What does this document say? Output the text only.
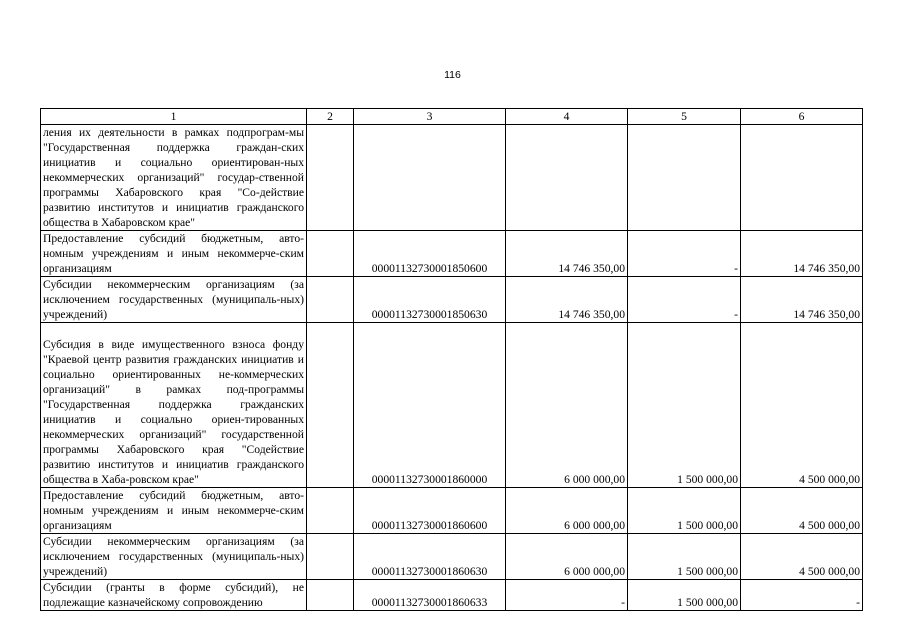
116
1	2	3	4	5	6
ления их деятельности в рамках подпрограм-мы "Государственная поддержка граждан-ских инициатив и социально ориентирован-ных некоммерческих организаций" государ-ственной программы Хабаровского края "Со-действие развитию институтов и инициатив гражданского общества в Хабаровском крае"					
Предоставление субсидий бюджетным, авто-номным учреждениям и иным некоммерче-ским организациям		00001132730001850600	14 746 350,00	-	14 746 350,00
Субсидии некоммерческим организациям (за исключением государственных (муниципаль-ных) учреждений)		00001132730001850630	14 746 350,00	-	14 746 350,00
Субсидия в виде имущественного взноса фонду "Краевой центр развития гражданских инициатив и социально ориентированных не-коммерческих организаций" в рамках под-программы "Государственная поддержка гражданских инициатив и социально ориен-тированных некоммерческих организаций" государственной программы Хабаровского края "Содействие развитию институтов и инициатив гражданского общества в Хаба-ровском крае"		00001132730001860000	6 000 000,00	1 500 000,00	4 500 000,00
Предоставление субсидий бюджетным, авто-номным учреждениям и иным некоммерче-ским организациям		00001132730001860600	6 000 000,00	1 500 000,00	4 500 000,00
Субсидии некоммерческим организациям (за исключением государственных (муниципаль-ных) учреждений)		00001132730001860630	6 000 000,00	1 500 000,00	4 500 000,00
Субсидии (гранты в форме субсидий), не подлежащие казначейскому сопровождению		00001132730001860633	-	1 500 000,00	-
